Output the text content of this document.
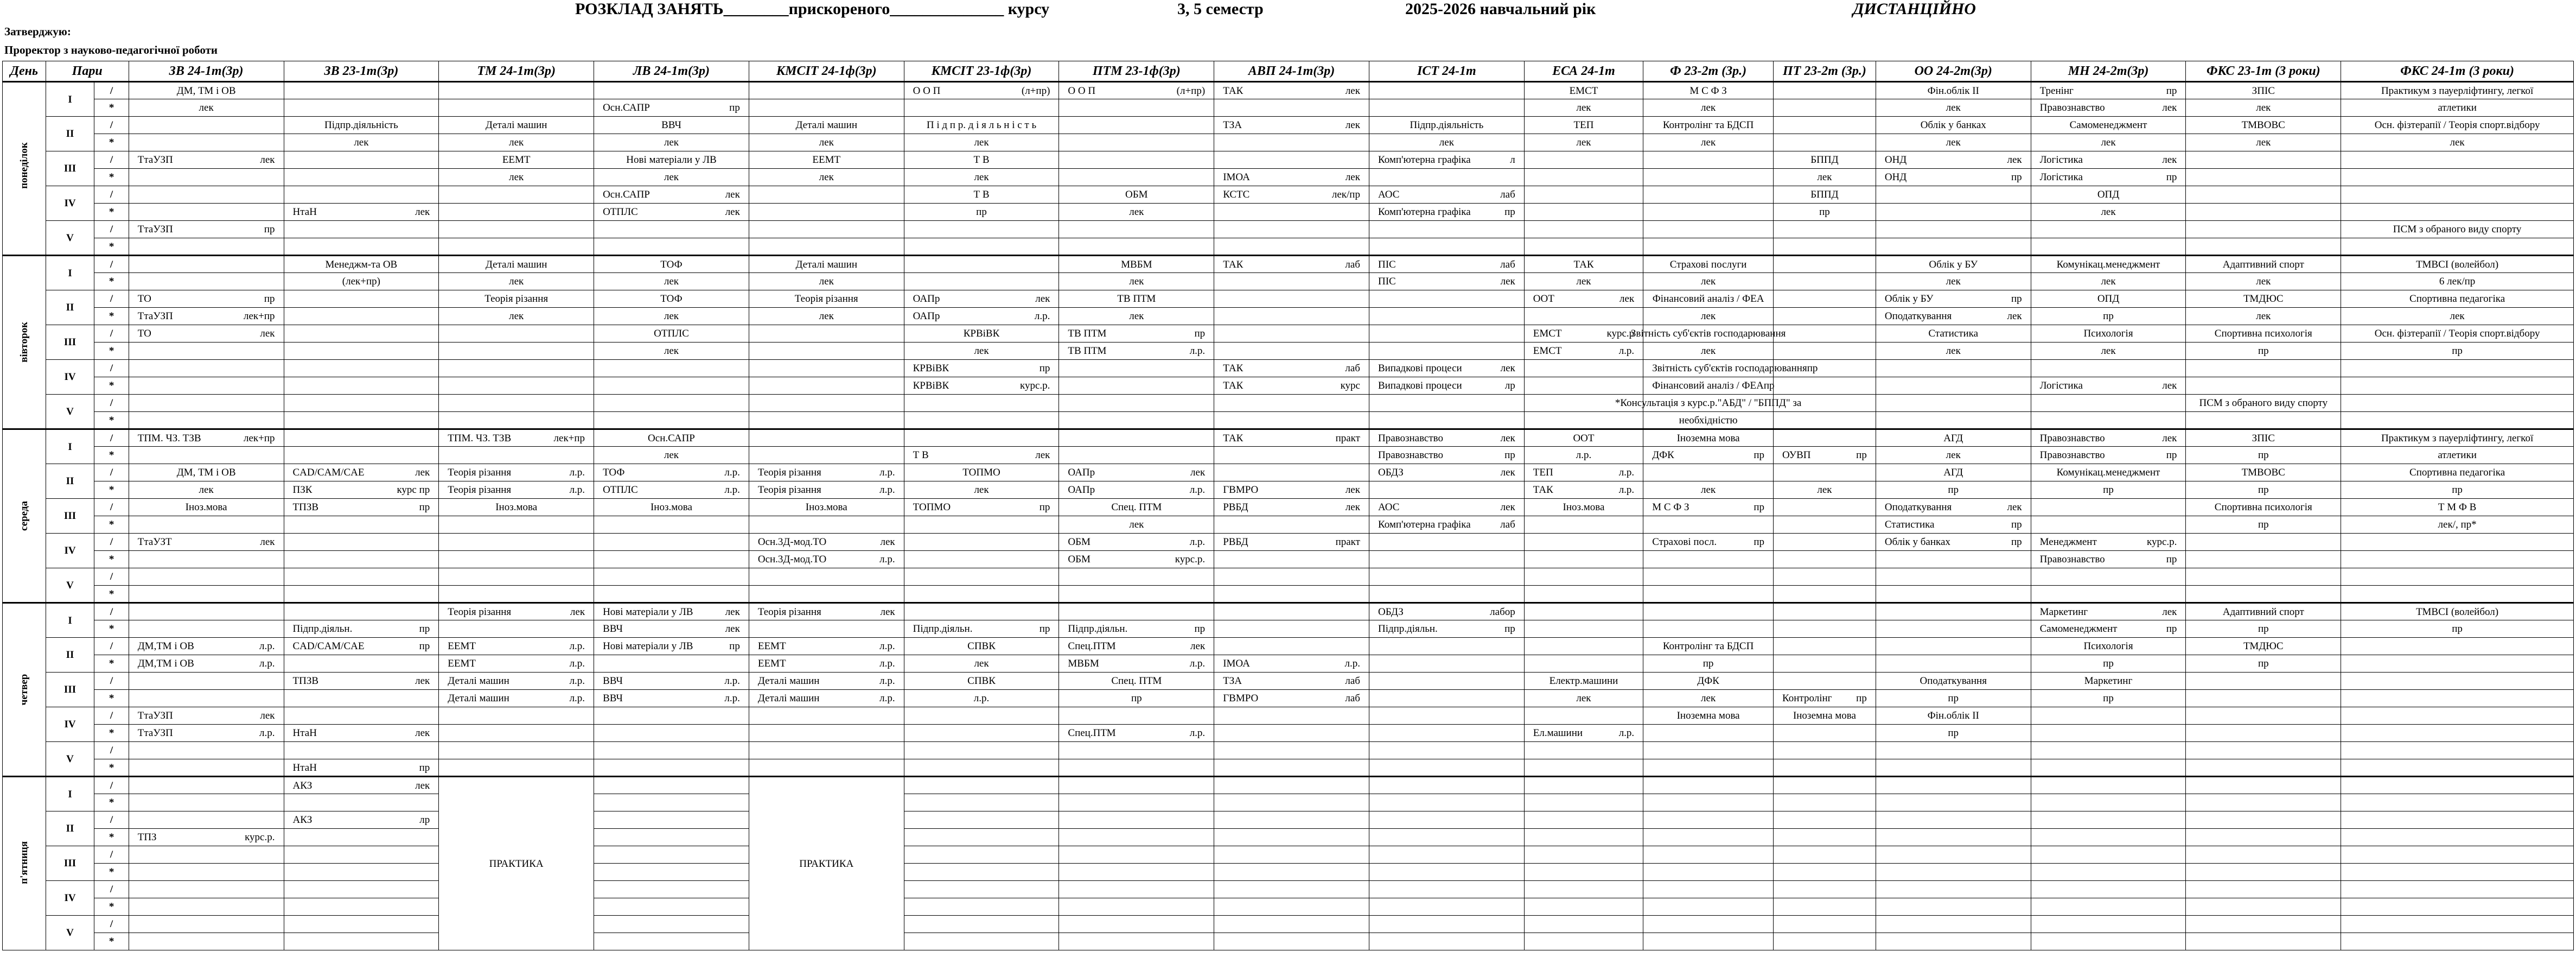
РОЗКЛАД ЗАНЯТЬ________прискореного______________ курсу	3, 5 семестр	2025-2026 навчальний рік	ДИСТАНЦІЙНО
Затверджую:
Проректор з науково-педагогічної роботи
День	Пари		ЗВ 24-1т(3р)	ЗВ 23-1т(3р)	ТМ 24-1т(3р)	ЛВ 24-1т(3р)	КМСІТ 24-1ф(3р)	КМСІТ 23-1ф(3р)	ПТМ 23-1ф(3р)	АВП 24-1т(3р)	ІСТ 24-1т	ЕСА 24-1т	Ф 23-2т (3р.)	ПТ 23-2т (3р.)	ОО 24-2т(3р)	МН 24-2т(3р)	ФКС 23-1т (3 роки)	ФКС 24-1т (3 роки)

понеділок	I	/	ДМ, ТМ і ОВ					О О П (л+пр)	О О П (л+пр)	ТАК лек		ЕМСТ	М С Ф З		Фін.облік ІІ	Тренінг пр	ЗПІС	Практикум з пауерліфтингу, легкої

		*	лек			Осн.САПР пр						лек	лек		лек	Правознавство лек	лек	атлетики

	II	/		Підпр.діяльність	Деталі машин	ВВЧ	Деталі машин	П і д п р. д і я л ь н і с т ь		ТЗА лек	Підпр.діяльність	ТЕП	Контролінг та БДСП		Облік у банках	Самоменеджмент	ТМВОВС	Осн. фізтерапії / Теорія спорт.відбору

		*		лек	лек	лек	лек	лек			лек	лек	лек		лек	лек	лек	лек

	III	/	ТтаУЗП лек		ЕЕМТ	Нові матеріали у ЛВ	ЕЕМТ	Т В			Комп'ютерна графіка л			БППД	ОНД лек	Логістика лек		

		*			лек	лек	лек	лек		ІМОА лек				лек	ОНД пр	Логістика пр		

	IV	/				Осн.САПР лек		Т В	ОБМ	КСТС лек/пр	АОС лаб			БППД		ОПД		

		*		НтаН лек		ОТПЛС лек		пр	лек		Комп'ютерна графіка пр			пр		лек		

	V	/	ТтаУЗП пр															ПСМ з обраного виду спорту

		*																

вівторок	I	/		Менеджм-та ОВ	Деталі машин	ТОФ	Деталі машин		МВБМ	ТАК лаб	ПІС лаб	ТАК	Страхові послуги		Облік у БУ	Комунікац.менеджмент	Адаптивний спорт	ТМВСІ (волейбол)

		*		(лек+пр)	лек	лек	лек		лек		ПІС лек	лек	лек		лек	лек	лек	6 лек/пр

	II	/	ТО пр		Теорія різання	ТОФ	Теорія різання	ОАПр лек	ТВ ПТМ			ООТ лек	Фінансовий аналіз / ФЕА		Облік у БУ пр	ОПД	ТМДЮС	Спортивна педагогіка

		*	ТтаУЗП лек+пр		лек	лек	лек	ОАПр л.р.	лек				лек		Оподаткування лек	пр	лек	лек

	III	/	ТО лек			ОТПЛС		КРВіВК	ТВ ПТМ пр			ЕМСТ курс.р	Звітність суб'єктів господарювання		Статистика	Психологія	Спортивна психологія	Осн. фізтерапії / Теорія спорт.відбору

		*				лек		лек	ТВ ПТМ л.р.			ЕМСТ л.р.	лек		лек	лек	пр	пр

	IV	/						КРВіВК пр		ТАК лаб	Випадкові процеси лек		Звітність суб'єктів господарювання пр					

		*						КРВіВК курс.р.		ТАК курс	Випадкові процеси лр		Фінансовий аналіз / ФЕА пр			Логістика лек		

	V	/											*Консультація з курс.р."АБД" / "БППД" за				ПСМ з обраного виду спорту	

		*											необхідністю					

середа	I	/	ТПМ. ЧЗ. ТЗВ лек+пр		ТПМ. ЧЗ. ТЗВ лек+пр	Осн.САПР				ТАК практ	Правознавство лек	ООТ	Іноземна мова		АГД	Правознавство лек	ЗПІС	Практикум з пауерліфтингу, легкої

		*				лек		Т В лек			Правознавство пр	л.р.	ДФК пр	ОУВП пр	лек	Правознавство пр	пр	атлетики

	II	/	ДМ, ТМ і ОВ	CAD/CAM/CAE лек	Теорія різання л.р.	ТОФ л.р.	Теорія різання л.р.	ТОПМО	ОАПр лек		ОБДЗ лек	ТЕП л.р.			АГД	Комунікац.менеджмент	ТМВОВС	Спортивна педагогіка

		*	лек	ПЗК курс пр	Теорія різання л.р.	ОТПЛС л.р.	Теорія різання л.р.	лек	ОАПр л.р.	ГВМРО лек		ТАК л.р.	лек	лек	пр	пр	пр	пр

	III	/	Іноз.мова	ТПЗВ пр	Іноз.мова	Іноз.мова	Іноз.мова	ТОПМО пр	Спец. ПТМ	РВБД лек	АОС лек	Іноз.мова	М С Ф З пр		Оподаткування лек		Спортивна психологія	Т М Ф В

		*							лек		Комп'ютерна графіка лаб				Статистика пр		пр	лек/, пр*

	IV	/	ТтаУЗТ лек				Осн.3Д-мод.ТО лек		ОБМ л.р.	РВБД практ			Страхові посл. пр		Облік у банках пр	Менеджмент курс.р.		

		*					Осн.3Д-мод.ТО л.р.		ОБМ курс.р.							Правознавство пр		

	V	/																
		*																

четвер	I	/			Теорія різання лек	Нові матеріали у ЛВ лек	Теорія різання лек				ОБДЗ лабор					Маркетинг лек	Адаптивний спорт	ТМВСІ (волейбол)

		*		Підпр.діяльн. пр		ВВЧ лек		Підпр.діяльн. пр	Підпр.діяльн. пр		Підпр.діяльн. пр					Самоменеджмент пр	пр	пр

	II	/	ДМ,ТМ і ОВ л.р.	CAD/CAM/CAE пр	ЕЕМТ л.р.	Нові матеріали у ЛВ пр	ЕЕМТ л.р.	СПВК	Спец.ПТМ лек				Контролінг та БДСП			Психологія	ТМДЮС	

		*	ДМ,ТМ і ОВ л.р.		ЕЕМТ л.р.		ЕЕМТ л.р.	лек	МВБМ л.р.	ІМОА л.р.			пр			пр	пр	

	III	/		ТПЗВ лек	Деталі машин л.р.	ВВЧ л.р.	Деталі машин л.р.	СПВК	Спец. ПТМ	ТЗА лаб		Електр.машини	ДФК		Оподаткування	Маркетинг		

		*			Деталі машин л.р.	ВВЧ л.р.	Деталі машин л.р.	л.р.	пр	ГВМРО лаб		лек	лек	Контролінг пр	пр	пр		

	IV	/	ТтаУЗП лек										Іноземна мова	Іноземна мова	Фін.облік ІІ			

		*	ТтаУЗП л.р.	НтаН лек					Спец.ПТМ л.р.			Ел.машини л.р.			пр			

	V	/																
		*		НтаН пр														

п'ятниця	I	/		АКЗ лек	ПРАКТИКА		ПРАКТИКА											
		*																
	II	/		АКЗ лр														

		*	ТПЗ курс.р.															

	III	/																
		*																
	IV	/																
		*																
	V	/																
		*																
